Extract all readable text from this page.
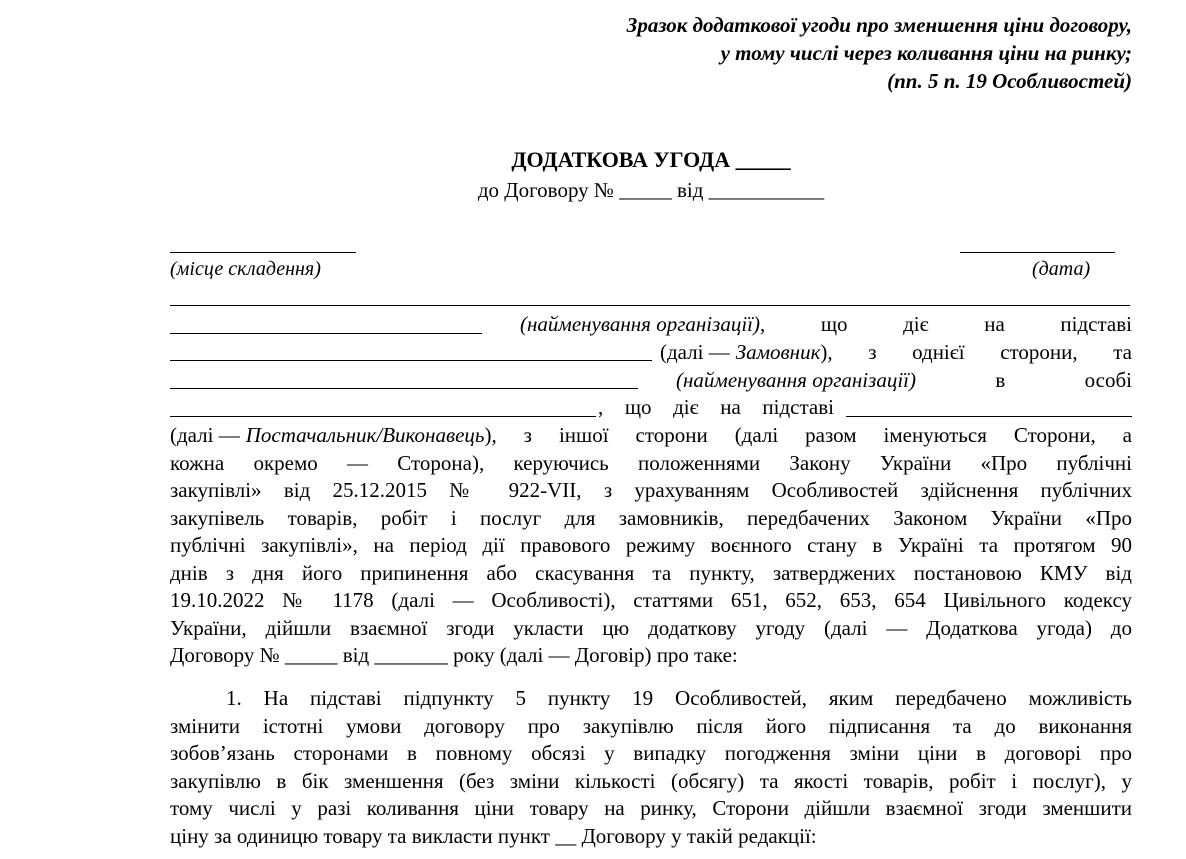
Зразок додаткової угоди про зменшення ціни договору,
у тому числі через коливання ціни на ринку;
(пп. 5 п. 19 Особливостей)
ДОДАТКОВА УГОДА _____
до Договору № _____ від ___________
(місце складення)	(дата)
(найменування організації),	що	діє	на	підставі
(далі — Замовник ), з однієї сторони, та
(найменування організації)	в	особі
, що діє на підставі
(далі — Постачальник/Виконавець ), з іншої сторони (далі разом іменуються Сторони, а
кожна окремо — Сторона), керуючись положеннями Закону України «Про публічні
закупівлі» від 25.12.2015 № 922-VII, з урахуванням Особливостей здійснення публічних
закупівель товарів, робіт і послуг для замовників, передбачених Законом України «Про
публічні закупівлі», на період дії правового режиму воєнного стану в Україні та протягом 90
днів з дня його припинення або скасування та пункту, затверджених постановою КМУ від
19.10.2022 № 1178 (далі — Особливості), статтями 651, 652, 653, 654 Цивільного кодексу
України, дійшли взаємної згоди укласти цю додаткову угоду (далі — Додаткова угода) до
Договору № _____ від _______ року (далі — Договір) про таке:
1. На підставі підпункту 5 пункту 19 Особливостей, яким передбачено можливість
змінити істотні умови договору про закупівлю після його підписання та до виконання
зобов’язань сторонами в повному обсязі у випадку погодження зміни ціни в договорі про
закупівлю в бік зменшення (без зміни кількості (обсягу) та якості товарів, робіт і послуг), у
тому числі у разі коливання ціни товару на ринку, Сторони дійшли взаємної згоди зменшити
ціну за одиницю товару та викласти пункт __ Договору у такій редакції:
